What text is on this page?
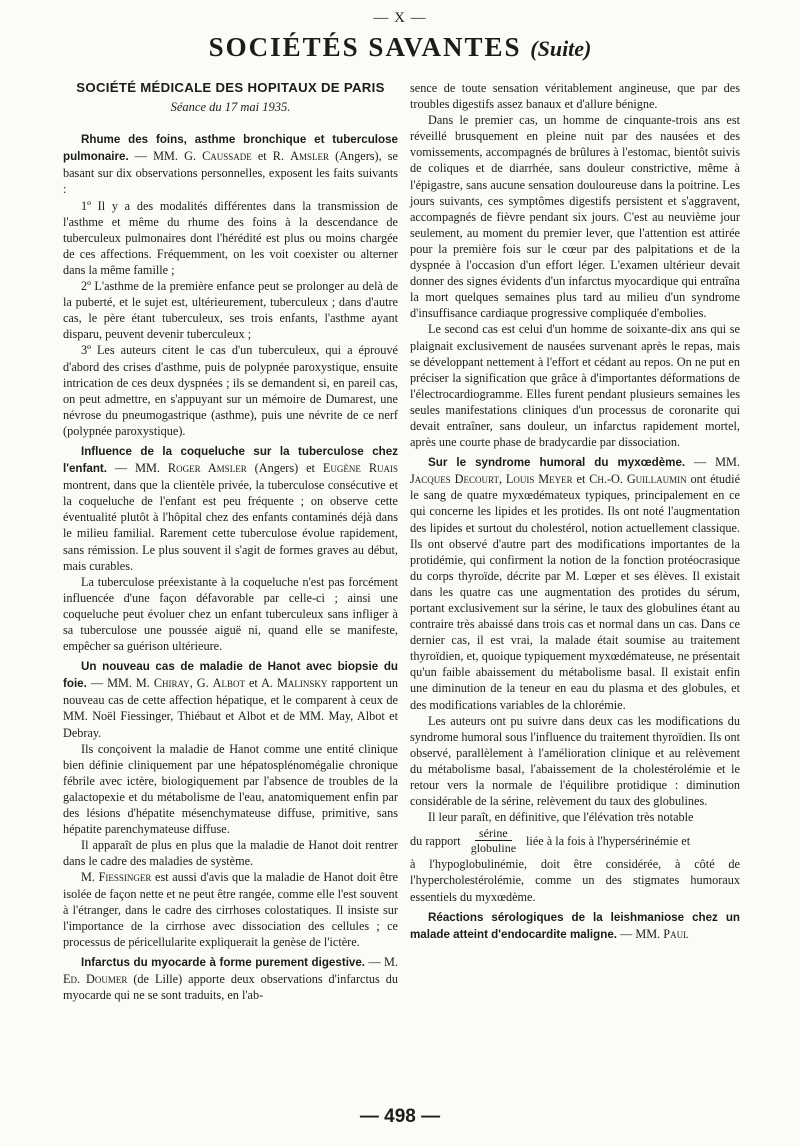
— X —
SOCIÉTÉS SAVANTES (Suite)
SOCIÉTÉ MÉDICALE DES HOPITAUX DE PARIS
Séance du 17 mai 1935.

Rhume des foins, asthme bronchique et tuberculose pulmonaire. — MM. G. Caussade et R. Amsler (Angers), se basant sur dix observations personnelles, exposent les faits suivants :

1º Il y a des modalités différentes dans la transmission de l'asthme et même du rhume des foins à la descendance de tuberculeux pulmonaires dont l'hérédité est plus ou moins chargée de ces affections. Fréquemment, on les voit coexister ou alterner dans la même famille ;

2º L'asthme de la première enfance peut se prolonger au delà de la puberté, et le sujet est, ultérieurement, tuberculeux ; dans d'autre cas, le père étant tuberculeux, ses trois enfants, l'asthme ayant disparu, peuvent devenir tuberculeux ;

3º Les auteurs citent le cas d'un tuberculeux, qui a éprouvé d'abord des crises d'asthme, puis de polypnée paroxystique, ensuite intrication de ces deux dyspnées ; ils se demandent si, en pareil cas, on peut admettre, en s'appuyant sur un mémoire de Dumarest, une névrose du pneumogastrique (asthme), puis une névrite de ce nerf (polypnée paroxystique).

Influence de la coqueluche sur la tuberculose chez l'enfant. — MM. Roger Amsler (Angers) et Eugène Ruais montrent, dans que la clientèle privée, la tuberculose consécutive et la coqueluche de l'enfant est peu fréquente ; on observe cette éventualité plutôt à l'hôpital chez des enfants contaminés déjà dans le milieu familial. Rarement cette tuberculose évolue rapidement, sans rémission. Le plus souvent il s'agit de formes graves au début, mais curables.

La tuberculose préexistante à la coqueluche n'est pas forcément influencée d'une façon défavorable par celle-ci ; ainsi une coqueluche peut évoluer chez un enfant tuberculeux sans infliger à sa tuberculose une poussée aiguë ni, quand elle se manifeste, empêcher sa guérison ultérieure.

Un nouveau cas de maladie de Hanot avec biopsie du foie. — MM. M. Chiray, G. Albot et A. Malinsky rapportent un nouveau cas de cette affection hépatique, et le comparent à ceux de MM. Noël Fiessinger, Thiébaut et Albot et de MM. May, Albot et Debray.

Ils conçoivent la maladie de Hanot comme une entité clinique bien définie cliniquement par une hépatosplénomégalie chronique fébrile avec ictère, biologiquement par l'absence de troubles de la galactopexie et du métabolisme de l'eau, anatomiquement enfin par des lésions d'hépatite mésenchymateuse diffuse, primitive, sans hépatite parenchymateuse diffuse.

Il apparaît de plus en plus que la maladie de Hanot doit rentrer dans le cadre des maladies de système.

M. Fiessinger est aussi d'avis que la maladie de Hanot doit être isolée de façon nette et ne peut être rangée, comme elle l'est souvent à l'étranger, dans le cadre des cirrhoses colostatiques. Il insiste sur l'importance de la cirrhose avec dissociation des cellules ; ce processus de péricellularite expliquerait la genèse de l'ictère.

Infarctus du myocarde à forme purement digestive. — M. Ed. Doumer (de Lille) apporte deux observations d'infarctus du myocarde qui ne se sont traduits, en l'ab-

sence de toute sensation véritablement angineuse, que par des troubles digestifs assez banaux et d'allure bénigne.

Dans le premier cas, un homme de cinquante-trois ans est réveillé brusquement en pleine nuit par des nausées et des vomissements, accompagnés de brûlures à l'estomac, bientôt suivis de coliques et de diarrhée, sans douleur constrictive, même à l'épigastre, sans aucune sensation douloureuse dans la poitrine. Les jours suivants, ces symptômes digestifs persistent et s'aggravent, accompagnés de fièvre pendant six jours. C'est au neuvième jour seulement, au moment du premier lever, que l'attention est attirée pour la première fois sur le cœur par des palpitations et de la dyspnée à l'occasion d'un effort léger. L'examen ultérieur devait donner des signes évidents d'un infarctus myocardique qui entraîna la mort quelques semaines plus tard au milieu d'un syndrome d'insuffisance cardiaque progressive compliquée d'embolies.

Le second cas est celui d'un homme de soixante-dix ans qui se plaignait exclusivement de nausées survenant après le repas, mais se développant nettement à l'effort et cédant au repos. On ne put en préciser la signification que grâce à d'importantes déformations de l'électrocardiogramme. Elles furent pendant plusieurs semaines les seules manifestations cliniques d'un processus de coronarite qui devait entraîner, sans douleur, un infarctus rapidement mortel, après une courte phase de bradycardie par dissociation.

Sur le syndrome humoral du myxœdème. — MM. Jacques Decourt, Louis Meyer et Ch.-O. Guillaumin ont étudié le sang de quatre myxœdémateux typiques, principalement en ce qui concerne les lipides et les protides. Ils ont noté l'augmentation des lipides et surtout du cholestérol, notion actuellement classique. Ils ont observé d'autre part des modifications importantes de la protidémie, qui confirment la notion de la fonction protéocrasique du corps thyroïde, décrite par M. Lœper et ses élèves. Il existait dans les quatre cas une augmentation des protides du sérum, portant exclusivement sur la sérine, le taux des globulines étant au contraire très abaissé dans trois cas et normal dans un cas. Dans ce dernier cas, il est vrai, la malade était soumise au traitement thyroïdien, et, quoique typiquement myxœdémateuse, ne présentait qu'un faible abaissement du métabolisme basal. Il existait enfin une diminution de la teneur en eau du plasma et des globules, et des modifications variables de la chlorémie.

Les auteurs ont pu suivre dans deux cas les modifications du syndrome humoral sous l'influence du traitement thyroïdien. Ils ont observé, parallèlement à l'amélioration clinique et au relèvement du métabolisme basal, l'abaissement de la cholestérolémie et le retour vers la normale de l'équilibre protidique : diminution considérable de la sérine, relèvement du taux des globulines.

Il leur paraît, en définitive, que l'élévation très notable

du rapport $\frac{\text{sérine}}{\text{globuline}}$ liée à la fois à l'hypersérinémie et

à l'hypoglobulinémie, doit être considérée, à côté de l'hypercholestérolémie, comme un des stigmates humoraux essentiels du myxœdème.

Réactions sérologiques de la leishmaniose chez un malade atteint d'endocardite maligne. — MM. Paul

— 498 —
